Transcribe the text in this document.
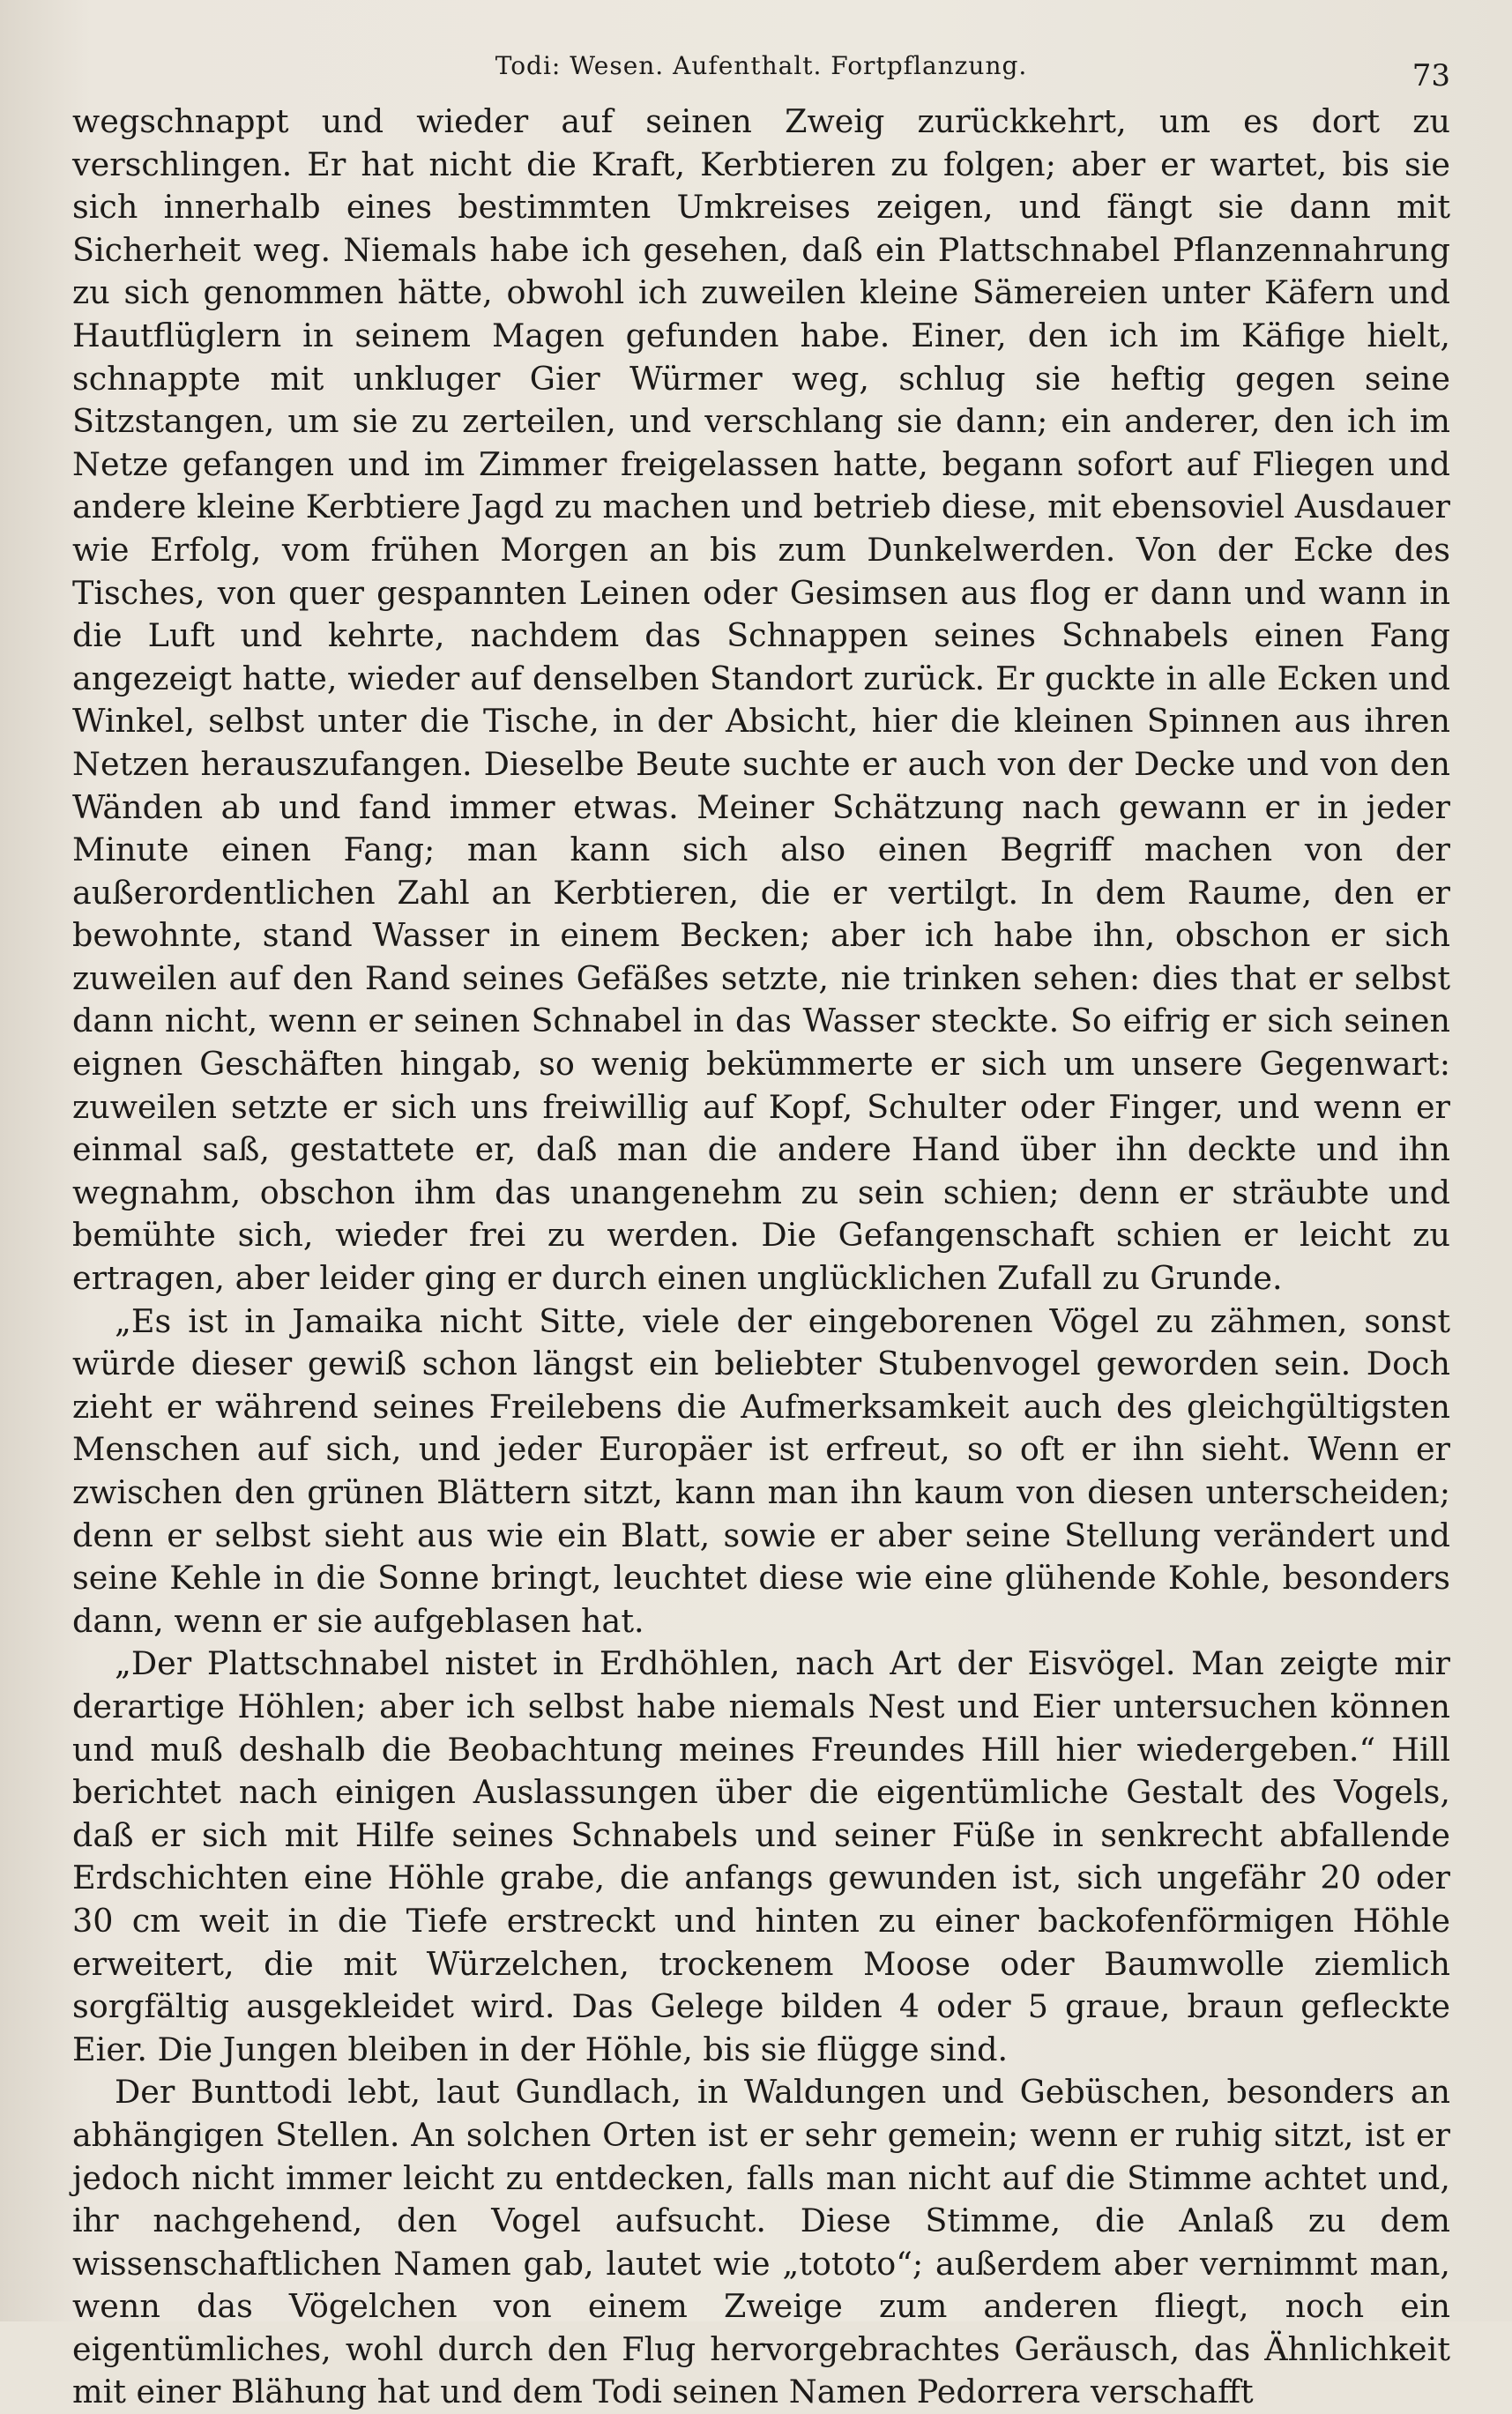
Todi: Wesen. Aufenthalt. Fortpflanzung.	73

wegschnappt und wieder auf seinen Zweig zurückkehrt, um es dort zu verschlingen. Er hat nicht die Kraft, Kerbtieren zu folgen; aber er wartet, bis sie sich innerhalb eines bestimmten Umkreises zeigen, und fängt sie dann mit Sicherheit weg. Niemals habe ich gesehen, daß ein Plattschnabel Pflanzennahrung zu sich genommen hätte, obwohl ich zuweilen kleine Sämereien unter Käfern und Hautflüglern in seinem Magen gefunden habe. Einer, den ich im Käfige hielt, schnappte mit unkluger Gier Würmer weg, schlug sie heftig gegen seine Sitzstangen, um sie zu zerteilen, und verschlang sie dann; ein anderer, den ich im Netze gefangen und im Zimmer freigelassen hatte, begann sofort auf Fliegen und andere kleine Kerbtiere Jagd zu machen und betrieb diese, mit ebensoviel Ausdauer wie Erfolg, vom frühen Morgen an bis zum Dunkelwerden. Von der Ecke des Tisches, von quer gespannten Leinen oder Gesimsen aus flog er dann und wann in die Luft und kehrte, nachdem das Schnappen seines Schnabels einen Fang angezeigt hatte, wieder auf denselben Standort zurück. Er guckte in alle Ecken und Winkel, selbst unter die Tische, in der Absicht, hier die kleinen Spinnen aus ihren Netzen herauszufangen. Dieselbe Beute suchte er auch von der Decke und von den Wänden ab und fand immer etwas. Meiner Schätzung nach gewann er in jeder Minute einen Fang; man kann sich also einen Begriff machen von der außerordentlichen Zahl an Kerbtieren, die er vertilgt. In dem Raume, den er bewohnte, stand Wasser in einem Becken; aber ich habe ihn, obschon er sich zuweilen auf den Rand seines Gefäßes setzte, nie trinken sehen: dies that er selbst dann nicht, wenn er seinen Schnabel in das Wasser steckte. So eifrig er sich seinen eignen Geschäften hingab, so wenig bekümmerte er sich um unsere Gegenwart: zuweilen setzte er sich uns freiwillig auf Kopf, Schulter oder Finger, und wenn er einmal saß, gestattete er, daß man die andere Hand über ihn deckte und ihn wegnahm, obschon ihm das unangenehm zu sein schien; denn er sträubte und bemühte sich, wieder frei zu werden. Die Gefangenschaft schien er leicht zu ertragen, aber leider ging er durch einen unglücklichen Zufall zu Grunde.

„Es ist in Jamaika nicht Sitte, viele der eingeborenen Vögel zu zähmen, sonst würde dieser gewiß schon längst ein beliebter Stubenvogel geworden sein. Doch zieht er während seines Freilebens die Aufmerksamkeit auch des gleichgültigsten Menschen auf sich, und jeder Europäer ist erfreut, so oft er ihn sieht. Wenn er zwischen den grünen Blättern sitzt, kann man ihn kaum von diesen unterscheiden; denn er selbst sieht aus wie ein Blatt, sowie er aber seine Stellung verändert und seine Kehle in die Sonne bringt, leuchtet diese wie eine glühende Kohle, besonders dann, wenn er sie aufgeblasen hat.

„Der Plattschnabel nistet in Erdhöhlen, nach Art der Eisvögel. Man zeigte mir derartige Höhlen; aber ich selbst habe niemals Nest und Eier untersuchen können und muß deshalb die Beobachtung meines Freundes Hill hier wiedergeben.“ Hill berichtet nach einigen Auslassungen über die eigentümliche Gestalt des Vogels, daß er sich mit Hilfe seines Schnabels und seiner Füße in senkrecht abfallende Erdschichten eine Höhle grabe, die anfangs gewunden ist, sich ungefähr 20 oder 30 cm weit in die Tiefe erstreckt und hinten zu einer backofenförmigen Höhle erweitert, die mit Würzelchen, trockenem Moose oder Baumwolle ziemlich sorgfältig ausgekleidet wird. Das Gelege bilden 4 oder 5 graue, braun gefleckte Eier. Die Jungen bleiben in der Höhle, bis sie flügge sind.

Der Bunttodi lebt, laut Gundlach, in Waldungen und Gebüschen, besonders an abhängigen Stellen. An solchen Orten ist er sehr gemein; wenn er ruhig sitzt, ist er jedoch nicht immer leicht zu entdecken, falls man nicht auf die Stimme achtet und, ihr nachgehend, den Vogel aufsucht. Diese Stimme, die Anlaß zu dem wissenschaftlichen Namen gab, lautet wie „tototo“; außerdem aber vernimmt man, wenn das Vögelchen von einem Zweige zum anderen fliegt, noch ein eigentümliches, wohl durch den Flug hervorgebrachtes Geräusch, das Ähnlichkeit mit einer Blähung hat und dem Todi seinen Namen Pedorrera verschafft
